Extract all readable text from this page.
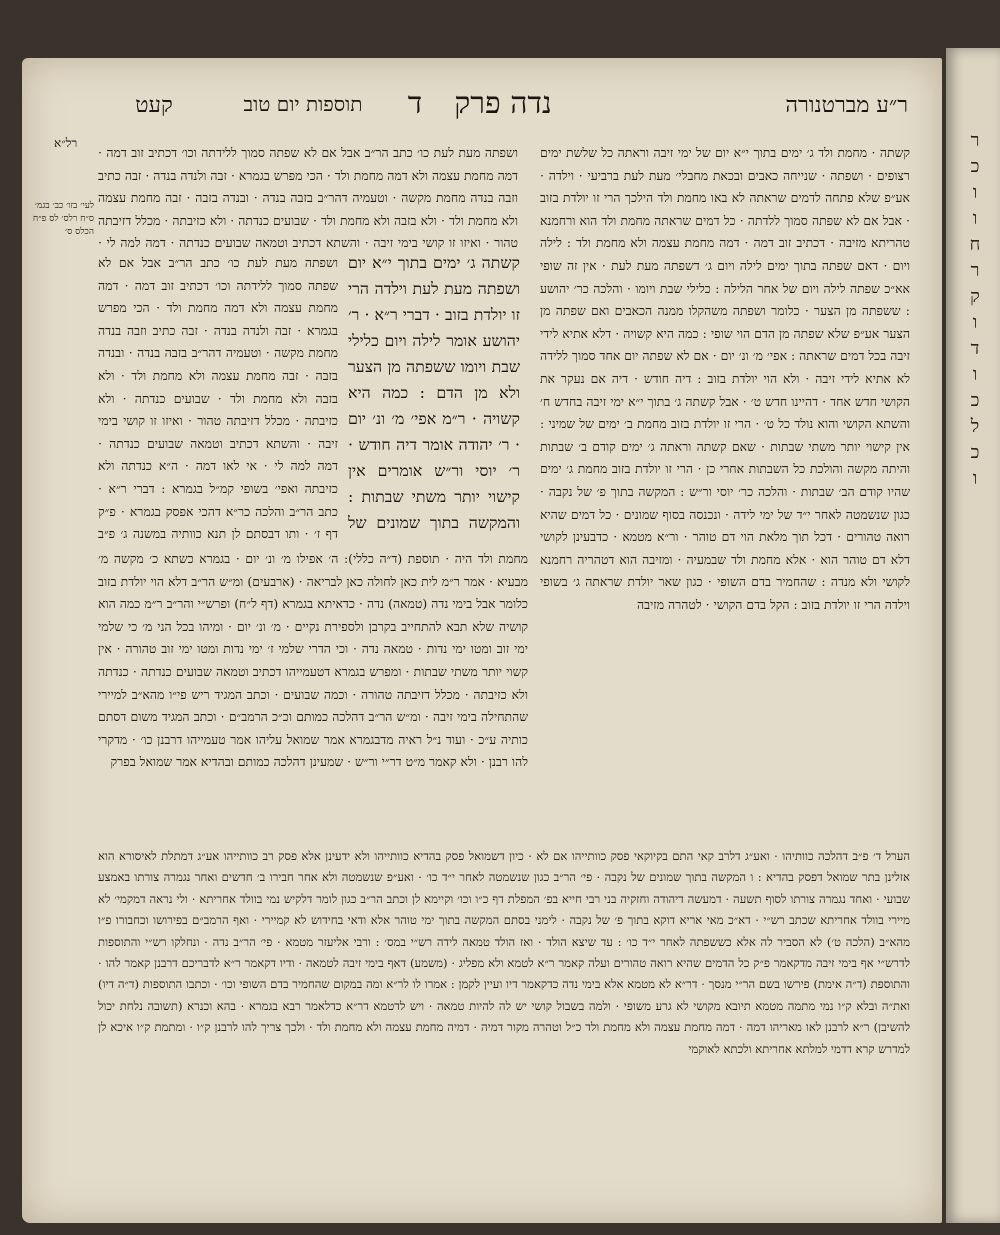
ר
כ
ו
ו
ח
ר
ק
ו
ד
ו
כ
ל
כ
ו
ר״ע מברטנורה
נדה פרק
ד
תוספות יום טוב
קעט
רל״א
לעי׳ בזו׳ כב׳ בגמ׳ ס״ח רלס׳ לס פ״ח הכלס ס׳
קשתה · מחמת ולד ג׳ ימים בתוך י״א יום של ימי זיבה וראתה כל שלשת ימים רצופים · ושפתה · שנייחה כאבים ובכאת מחבלי׳ מעת לעת ברביעי · וילדה · אע״פ שלא פתחה לדמים שראתה לא באו מחמת ולד הילכך הרי זו יולדת בזוב · אבל אם לא שפתה סמוך ללדתה · כל דמים שראתה מחמת ולד הוא ורחמנא טהריתא מזיבה · דכתיב זוב דמה · דמה מחמת עצמה ולא מחמת ולד : לילה ויום · דאם שפתה בתוך ימים לילה ויום ג׳ דשפתה מעת לעת · אין זה שופי אא״כ שפתה לילה ויום של אחר הלילה : כלילי שבת ויומו · והלכה כר׳ יהושע : ששפתה מן הצער · כלומר ושפתה משהקלו ממנה הכאבים ואם שפתה מן הצער אע״פ שלא שפתה מן הדם הוי שופי : כמה היא קשויה · דלא אתיא לידי זיבה בכל דמים שראתה : אפי׳ מ׳ ונ׳ יום · אם לא שפתה יום אחד סמוך ללידה לא אתיא לידי זיבה · ולא הוי יולדת בזוב : דיה חודש · דיה אם נעקר את הקושי חדש אחד · דהיינו חדש ט׳ · אבל קשתה ג׳ בתוך י״א ימי זיבה בחדש ח׳ והשתא הקושי והוא נולד כל ט׳ · הרי זו יולדת בזוב מחמת ב׳ ימים של שמיני : אין קישוי יותר משתי שבתות · שאם קשתה וראתה ג׳ ימים קודם ב׳ שבתות והיתה מקשה והולכת כל השבתות אחרי כן · הרי זו יולדת בזוב מחמת ג׳ ימים שהיו קודם הב׳ שבתות · והלכה כר׳ יוסי ור״ש : המקשה בתוך פ׳ של נקבה · כגון שנשמטה לאחר י״ד של ימי לידה · ונכנסה בסוף שמונים · כל דמים שהיא רואה טהורים · דכל תוך מלאת הוי דם טוהר · ור״א מטמא · כדבעינן לקושי דלא דם טוהר הוא · אלא מחמת ולד שבמעיה · ומזיבה הוא דטהריה רחמנא לקושי ולא מנדה : שהחמיר בדם השופי · כגון שאר יולדת שראתה ג׳ בשופי וילדה הרי זו יולדת בזוב : הקל בדם הקושי · לטהרה מזיבה
ושפתה מעת לעת כו׳ כתב הר״ב אבל אם לא שפתה סמוך ללידתה וכו׳ דכתיב זוב דמה · דמה מחמת עצמה ולא דמה מחמת ולד · הכי מפרש בגמרא · זבה ולנדה בנדה · זבה כתיב וזבה בנדה מחמת מקשה · וטעמיה דהר״ב בזבה בנדה · ובנדה בזבה · זבה מחמת עצמה ולא מחמת ולד · ולא בזבה ולא מחמת ולד · שבועים כנדתה · ולא כזיבתה · מכלל דזיבתה טהור · ואיזו זו קושי בימי זיבה · והשתא דכתיב וטמאה שבועים כנדתה · דמה למה לי ·
קשתה ג׳ ימים בתוך י״א יום ושפתה מעת לעת וילדה הרי זו יולדת בזוב · דברי ר״א · ר׳ יהושע אומר לילה ויום כלילי שבת ויומו ששפתה מן הצער ולא מן הדם : כמה היא קשויה · ר״מ אפי׳ מ׳ ונ׳ יום · ר׳ יהודה אומר דיה חודש · ר׳ יוסי ור״ש אומרים אין קישוי יותר משתי שבתות : והמקשה בתוך שמונים של
ושפתה מעת לעת כו׳ כתב הר״ב אבל אם לא שפתה סמוך ללידתה וכו׳ דכתיב זוב דמה · דמה מחמת עצמה ולא דמה מחמת ולד · הכי מפרש בגמרא · זבה ולנדה בנדה · זבה כתיב וזבה בנדה מחמת מקשה · וטעמיה דהר״ב בזבה בנדה · ובנדה בזבה · זבה מחמת עצמה ולא מחמת ולד · ולא בזבה ולא מחמת ולד · שבועים כנדתה · ולא כזיבתה · מכלל דזיבתה טהור · ואיזו זו קושי בימי זיבה · והשתא דכתיב וטמאה שבועים כנדתה · דמה למה לי · אי לאו דמה · ה״א כנדתה ולא כזיבתה ואפי׳ בשופי קמ״ל בגמרא : דברי ר״א · כתב הר״ב והלכה כר״א דהכי אפסק בגמרא · פ״ק דף ז׳ · ותו דבסתם לן תנא כוותיה במשנה ג׳ פ״ב
מחמת ולד היה · תוספת (ד״ה כללי): ה׳ אפילו מ׳ ונ׳ יום · בגמרא כשתא כ׳ מקשה מ׳ מבעיא · אמר ר״מ לית כאן לחולה כאן לבריאה · (ארבעים) ומ״ש הר״ב דלא הוי יולדת בזוב כלומר אבל בימי נדה (טמאה) נדה · כדאיתא בגמרא (דף ל״ח) ופרש״י והר״ב ר״מ כמה הוא קושיה שלא תבא להתחייב בקרבן ולספירת נקיים · מ׳ ונ׳ יום · ומיהו בכל הני מ׳ כי שלמי ימי זוב ומטו ימי נדות · טמאה נדה · וכי הדרי שלמי ז׳ ימי נדות ומטו ימי זוב טהורה · אין קשוי יותר משתי שבתות · ומפרש בגמרא דטעמייהו דכתיב וטמאה שבועים כנדתה · כנדתה ולא כזיבתה · מכלל דזיבתה טהורה · וכמה שבועים · וכתב המגיד ריש פי״ו מהא״ב למיירי שהתחילה בימי זיבה · ומ״ש הר״ב דהלכה כמותם וכ״כ הרמב״ם · וכתב המגיד משום דסתם כותיה ע״כ · ועוד נ״ל ראיה מדבגמרא אמר שמואל עליהו אמר טעמייהו דרבנן כו׳ · מדקרי להו רבנן · ולא קאמר מ״ט דר״י ור״ש · שמעינן דהלכה כמותם ובהדיא אמר שמואל בפרק
הערל ד׳ פ״ב דהלכה כוותיהו · ואע״ג דלרב קאי התם בקיוקאי פסק כוותייהו אם לא · כיון דשמואל פסק בהדיא כוותייהו ולא ידעינן אלא פסק רב כוותייהו אע״ג דמתלת לאיסורא הוא אזלינן בתר שמואל דפסק בהדיא : ו המקשה בתוך שמונים של נקבה · פי׳ הר״ב כגון שנשמטה לאחר י״ד כו׳ · ואע״פ שנשמטה ולא אחר חבירו ב׳ חדשים ואחר נגמרה צורתו באמצע שבועי · ואחד נגמרה צורתו לסוף תשעה · דמעשה דיהודה וחזקיה בני רבי חייא בפ׳ המפלת דף כ״ו וכו׳ וקיימא לן וכתב הר״ב כגון לומר דלקיש נמי בוולד אחריתא · ולי נראה דמקמי׳ לא מיירי בוולד אחריתא שכתב רש״י · דא״כ מאי אריא דוקא בתוך פ׳ של נקבה · לימני בסתם המקשה בתוך ימי טוהר אלא ודאי בחידוש לא קמיירי · ואף הרמב״ם בפירושו וכחבורו פ״ו מהא״ב (הלכה ט׳) לא הסביר לה אלא כששפתה לאחר י״ד כו׳ : עד שיצא הולד · ואז הולד טמאה לידה רש״י במס׳ : ורבי אליעזר מטמא · פי׳ הר״ב נדה · ונחלקו רש״י והתוספות לדרש״י אף בימי זיבה מדקאמר פ״ק כל הדמים שהיא רואה טהורים ועלה קאמר ר״א לטמא ולא מפליג · (משמע) דאף בימי זיבה לטמאה · ודיו דקאמר ר״א לדבריכם דרבנן קאמר להו · והתוספת (ד״ה אימת) פירשו בשם הר״י מנסך · דר״א לא מטמא אלא בימי נדה כדקאמר דיו ועיין לקמן : אמרו לו לר״א ומה במקום שהחמיר בדם השופי וכו׳ · וכתבו התוספות (ד״ה דיו) ואת״ה ובלא ק״ו נמי מתמה מטמא תיובא מקושי לא גרע משופי · ולמה בשבול קושי יש לה להיות טמאה · ויש לדטמא דר״א כדלאמר רבא בגמרא · בהא וכנרא (תשובה נלחת יכול להשיבן) ר״א לרבנן לאו מאריהו דמה · דמה מחמת עצמה ולא מחמת ולד כ״ל וטהרה מקור דמיה · דמיה מחמת עצמה ולא מחמת ולד · ולכך צריך להו לרבנן ק״ו · ומתמת ק״ו איכא לן למדרש קרא דדמי למלתא אחריתא ולכתא לאוקמי
